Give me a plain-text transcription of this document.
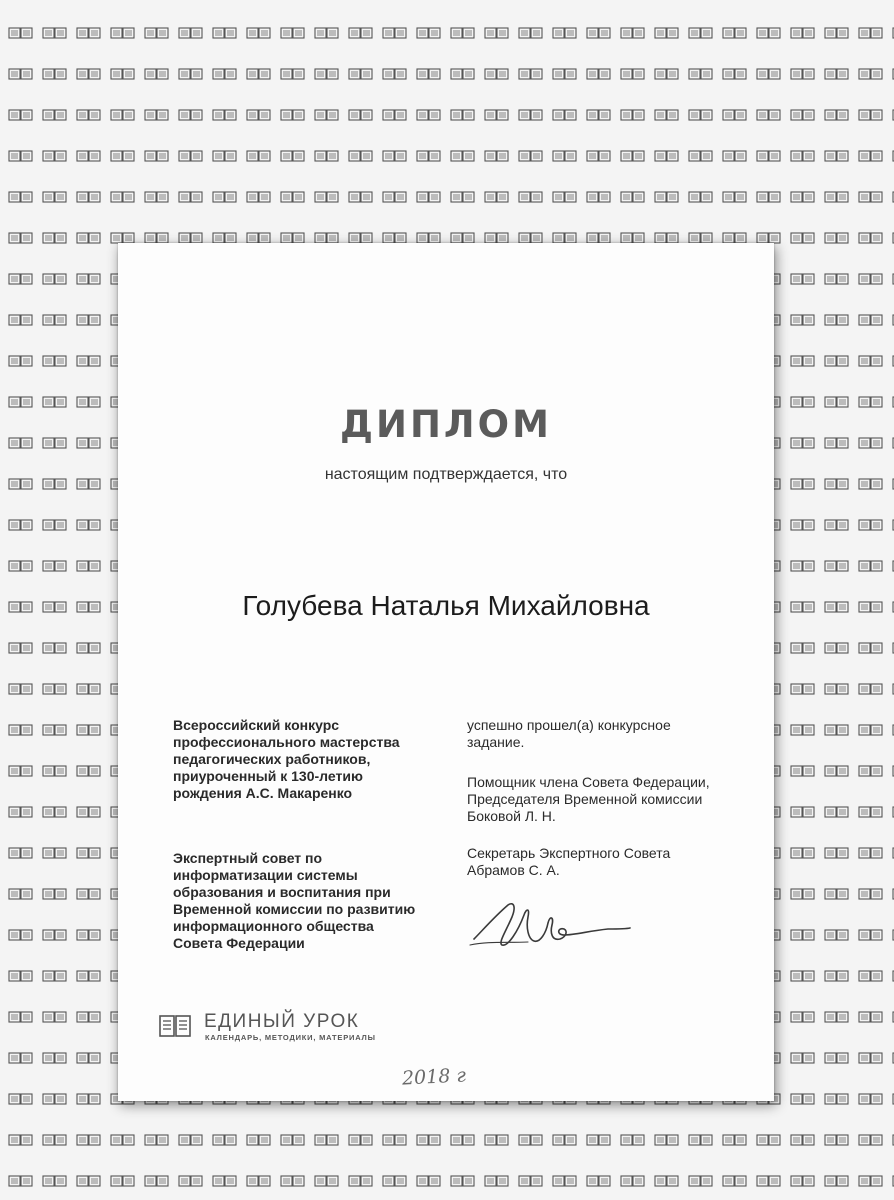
ДИПЛОМ
настоящим подтверждается, что
Голубева Наталья Михайловна

Всероссийский конкурс

профессионального мастерства

педагогических работников,

приуроченный к 130-летию

рождения А.С. Макаренко

Экспертный совет по

информатизации системы

образования и воспитания при

Временной комиссии по развитию

информационного общества

Совета Федерации

успешно прошел(а) конкурсное

задание.

Помощник члена Совета Федерации,

Председателя Временной комиссии

Боковой Л. Н.

Секретарь Экспертного Совета

Абрамов С. А.

ЕДИНЫЙ УРОК
КАЛЕНДАРЬ, МЕТОДИКИ, МАТЕРИАЛЫ
2018 г
